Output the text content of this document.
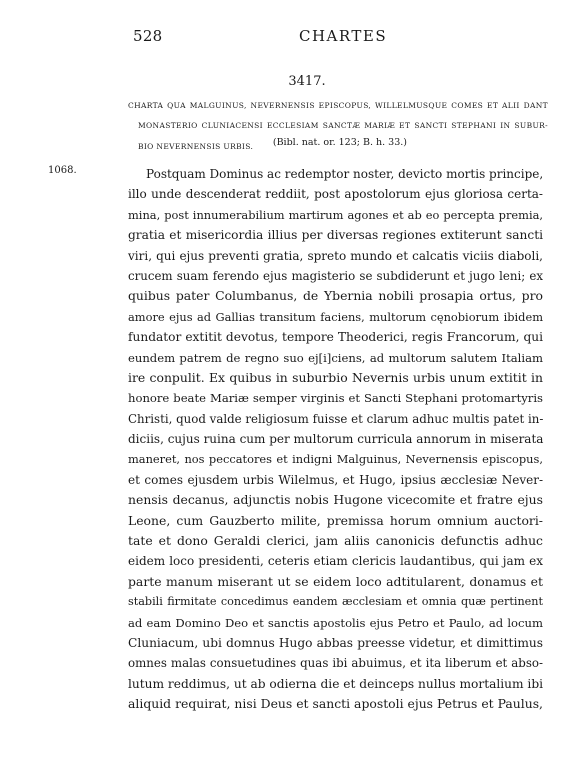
528	CHARTES
3417.
CHARTA QUA MALGUINUS, NEVERNENSIS EPISCOPUS, WILLELMUSQUE COMES ET ALII DANT
MONASTERIO CLUNIACENSI ECCLESIAM SANCTÆ MARIÆ ET SANCTI STEPHANI IN SUBUR-
BIO NEVERNENSIS URBIS.	(Bibl. nat. or. 123; B. h. 33.)
1068.	Postquam Dominus ac redemptor noster, devicto mortis principe,
illo unde descenderat reddiit, post apostolorum ejus gloriosa certa-
mina, post innumerabilium martirum agones et ab eo percepta premia,
gratia et misericordia illius per diversas regiones extiterunt sancti
viri, qui ejus preventi gratia, spreto mundo et calcatis viciis diaboli,
crucem suam ferendo ejus magisterio se subdiderunt et jugo leni; ex
quibus pater Columbanus, de Ybernia nobili prosapia ortus, pro
amore ejus ad Gallias transitum faciens, multorum cęnobiorum ibidem
fundator extitit devotus, tempore Theoderici, regis Francorum, qui
eundem patrem de regno suo ej[i]ciens, ad multorum salutem Italiam
ire conpulit. Ex quibus in suburbio Nevernis urbis unum extitit in
honore beate Mariæ semper virginis et Sancti Stephani protomartyris
Christi, quod valde religiosum fuisse et clarum adhuc multis patet in-
diciis, cujus ruina cum per multorum curricula annorum in miserata
maneret, nos peccatores et indigni Malguinus, Nevernensis episcopus,
et comes ejusdem urbis Wilelmus, et Hugo, ipsius æcclesiæ Never-
nensis decanus, adjunctis nobis Hugone vicecomite et fratre ejus
Leone, cum Gauzberto milite, premissa horum omnium auctori-
tate et dono Geraldi clerici, jam aliis canonicis defunctis adhuc
eidem loco presidenti, ceteris etiam clericis laudantibus, qui jam ex
parte manum miserant ut se eidem loco adtitularent, donamus et
stabili firmitate concedimus eandem æcclesiam et omnia quæ pertinent
ad eam Domino Deo et sanctis apostolis ejus Petro et Paulo, ad locum
Cluniacum, ubi domnus Hugo abbas preesse videtur, et dimittimus
omnes malas consuetudines quas ibi abuimus, et ita liberum et abso-
lutum reddimus, ut ab odierna die et deinceps nullus mortalium ibi
aliquid requirat, nisi Deus et sancti apostoli ejus Petrus et Paulus,
